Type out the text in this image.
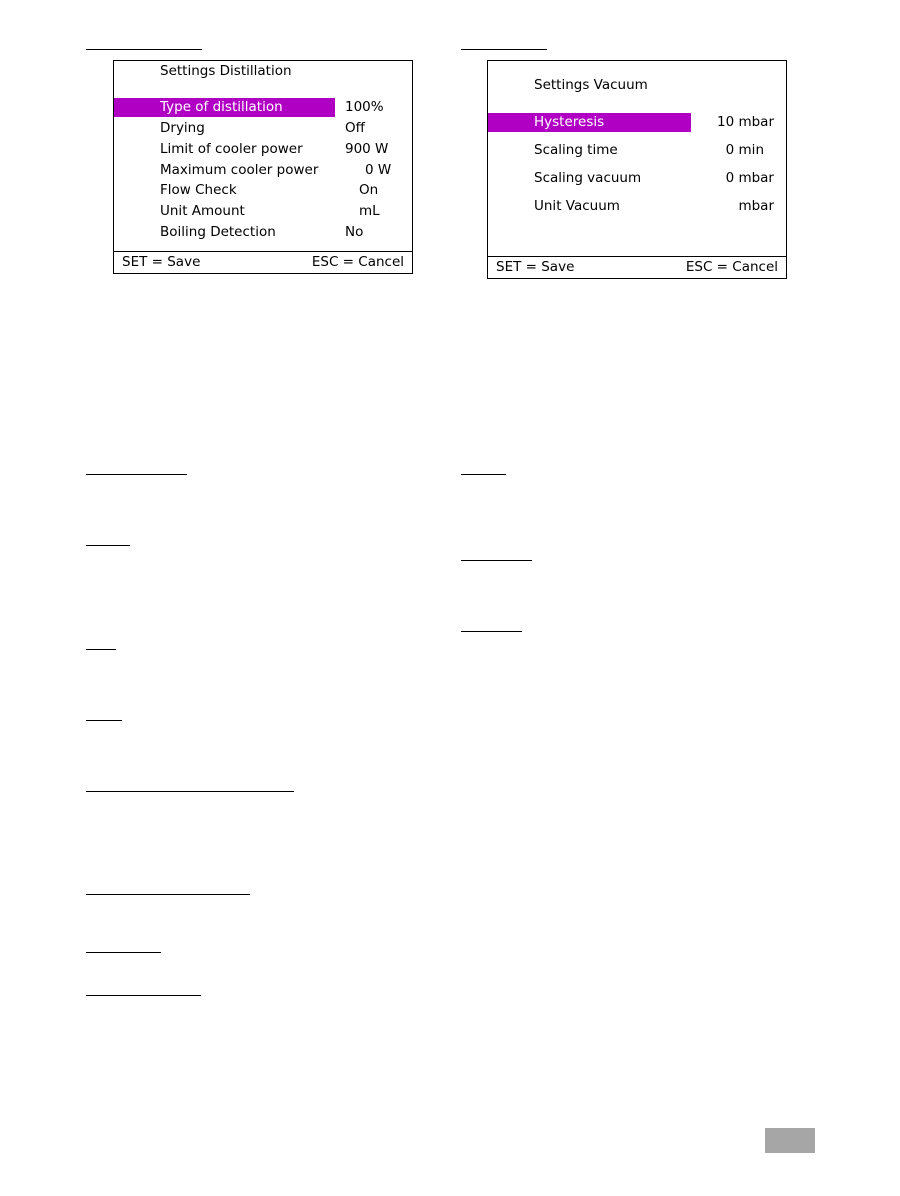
Settings Distillation
Type of distillation	100%
Drying	Off
Limit of cooler power	900 W
Maximum cooler power	0 W
Flow Check	On
Unit Amount	mL
Boiling Detection	No
SET = Save	ESC = Cancel
Settings Vacuum
Hysteresis	10 mbar
Scaling time	0 min
Scaling vacuum	0 mbar
Unit Vacuum	mbar
SET = Save	ESC = Cancel
